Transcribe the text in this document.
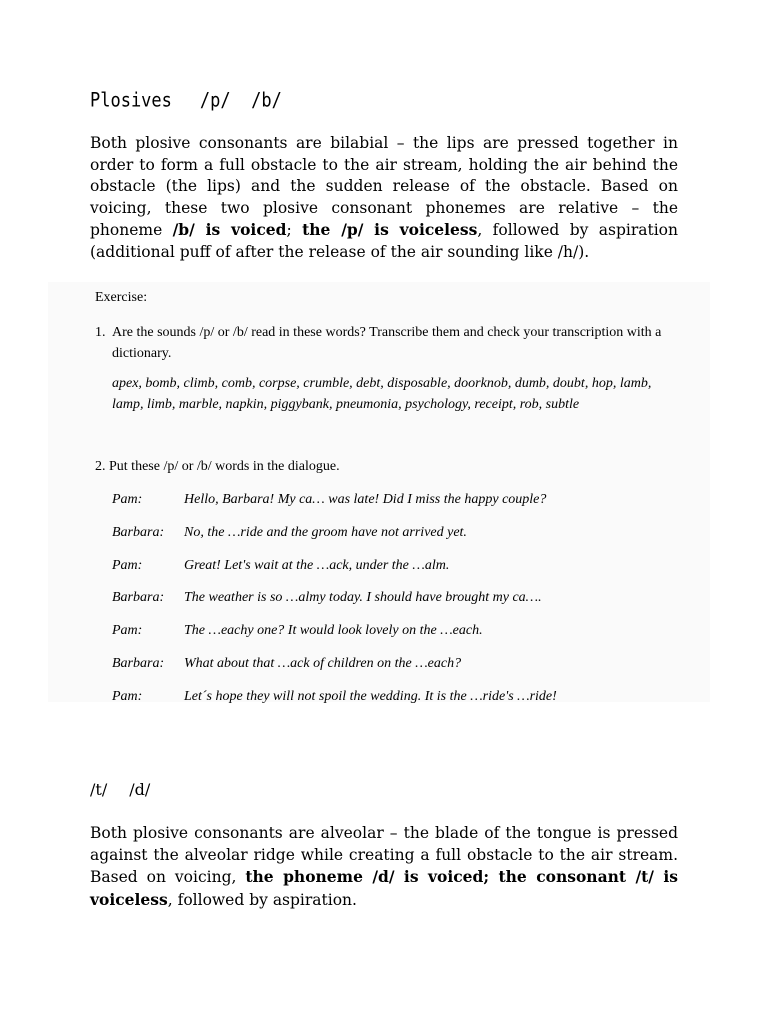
Plosives /p/ /b/

Both plosive consonants are bilabial – the lips are pressed together in order to form a full obstacle to the air stream, holding the air behind the obstacle (the lips) and the sudden release of the obstacle. Based on voicing, these two plosive consonant phonemes are relative – the phoneme /b/ is voiced; the /p/ is voiceless, followed by aspiration (additional puff of after the release of the air sounding like /h/).

Exercise:
1. Are the sounds /p/ or /b/ read in these words? Transcribe them and check your transcription with a dictionary.
apex, bomb, climb, comb, corpse, crumble, debt, disposable, doorknob, dumb, doubt, hop, lamb, lamp, limb, marble, napkin, piggybank, pneumonia, psychology, receipt, rob, subtle
2. Put these /p/ or /b/ words in the dialogue.
Pam:	Hello, Barbara! My ca… was late! Did I miss the happy couple?
Barbara: No, the …ride and the groom have not arrived yet.
Pam:	Great! Let's wait at the …ack, under the …alm.
Barbara: The weather is so …almy today. I should have brought my ca….
Pam:	The …eachy one? It would look lovely on the …each.
Barbara: What about that …ack of children on the …each?
Pam:	Let´s hope they will not spoil the wedding. It is the …ride's …ride!
/t/ /d/

Both plosive consonants are alveolar – the blade of the tongue is pressed against the alveolar ridge while creating a full obstacle to the air stream. Based on voicing, the phoneme /d/ is voiced; the consonant /t/ is voiceless, followed by aspiration.
